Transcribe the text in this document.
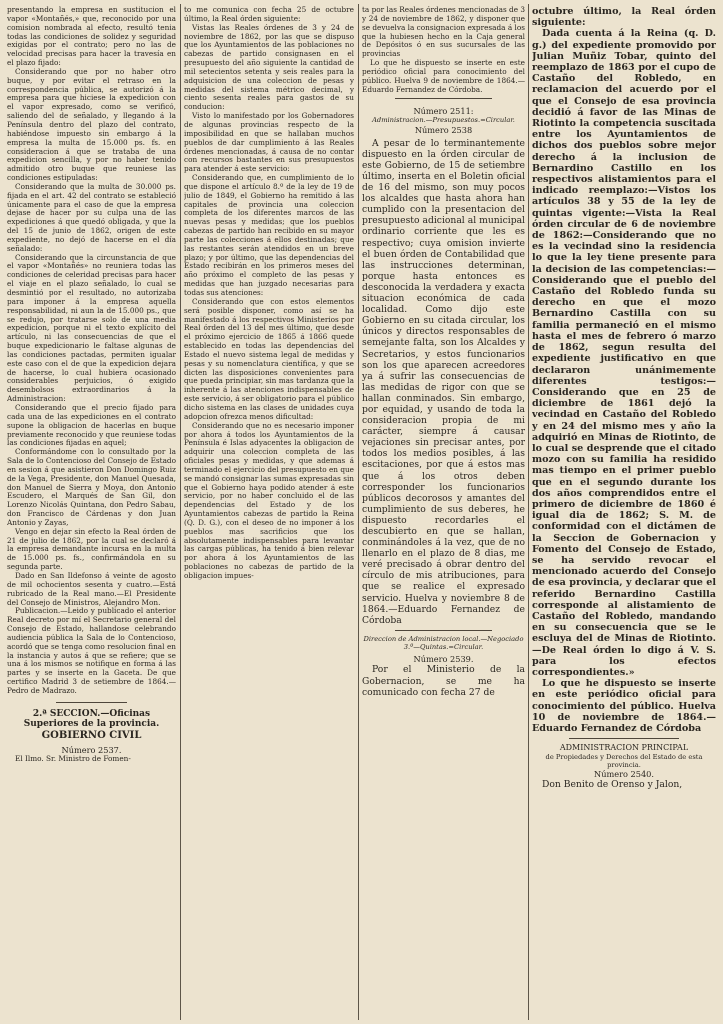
presentando la empresa en sustitucion el vapor «Montañés,» que, reconocido por una comision nombrada al efecto, resultó tenia todas las condiciones de solidez y seguridad exigidas por el contrato; pero no las de velocidad precisas para hacer la travesía en el plazo fijado:

Considerando que por no haber otro buque, y por evitar el retraso en la correspondencia pública, se autorizó á la empresa para que hiciese la expedicion con el vapor expresado, como se verificó, saliendo del de señalado, y llegando á la Península dentro del plazo del contrato, habiéndose impuesto sin embargo á la empresa la multa de 15.000 ps. fs. en consideracion á que se trataba de una expedicion sencilla, y por no haber tenido admitido otro buque que reuniese las condiciones estipuladas:

Considerando que la multa de 30.000 ps. fijada en el art. 42 del contrato se estableció únicamente para el caso de que la empresa dejase de hacer por su culpa una de las expediciones á que quedó obligada, y que la del 15 de junio de 1862, origen de este expediente, no dejó de hacerse en el día señalado:

Considerando que la circunstancia de que el vapor «Montañés» no reuniera todas las condiciones de celeridad precisas para hacer el viaje en el plazo señalado, lo cual se desmintió por el resultado, no autorizaba para imponer á la empresa aquella responsabilidad, ni aun la de 15.000 ps., que se redujo, por tratarse solo de una media expedicion, porque ni el texto explícito del artículo, ni las consecuencias de que el buque expedicionario le faltase algunas de las condiciones pactadas, permiten igualar este caso con el de que la expedicion dejara de hacerse, lo cual hubiera ocasionado considerables perjuicios, ó exigido desembolsos extraordinarios á la Administracion:

Considerando que el precio fijado para cada una de las expediciones en el contrato supone la obligacion de hacerlas en buque previamente reconocido y que reuniese todas las condiciones fijadas en aquel;

Conformándome con lo consultado por la Sala de lo Contencioso del Consejo de Estado en sesion á que asistieron Don Domingo Ruiz de la Vega, Presidente, don Manuel Quesada, don Manuel de Sierra y Moya, don Antonio Escudero, el Marqués de San Gil, don Lorenzo Nicolás Quintana, don Pedro Sabau, don Francisco de Cárdenas y don Juan Antonio y Zayas,

Vengo en dejar sin efecto la Real órden de 21 de julio de 1862, por la cual se declaró á la empresa demandante incursa en la multa de 15.000 ps. fs., confirmándola en su segunda parte.

Dado en San Ildefonso á veinte de agosto de mil ochocientos sesenta y cuatro.—Está rubricado de la Real mano.—El Presidente del Consejo de Ministros, Alejandro Mon.

Publicacion.—Leido y publicado el anterior Real decreto por mí el Secretario general del Consejo de Estado, hallandose celebrando audiencia pública la Sala de lo Contencioso, acordó que se tenga como resolucion final en la instancia y autos á que se refiere; que se una á los mismos se notifique en forma á las partes y se inserte en la Gaceta. De que certifico Madrid 3 de setiembre de 1864.—Pedro de Madrazo.

2.ª SECCION.—Oficinas Superiores de la provincia.

GOBIERNO CIVIL

Número 2537.

El Ilmo. Sr. Ministro de Fomen-

to me comunica con fecha 25 de octubre último, la Real órden siguiente:

Vistas las Reales órdenes de 3 y 24 de noviembre de 1862, por las que se dispuso que los Ayuntamientos de las poblaciones no cabezas de partido consignasen en el presupuesto del año siguiente la cantidad de mil setecientos setenta y seis reales para la adquisicion de una coleccion de pesas y medidas del sistema métrico decimal, y ciento sesenta reales para gastos de su conducion:

Visto lo manifestado por los Gobernadores de algunas provincias respecto de la imposibilidad en que se hallaban muchos pueblos de dar cumplimiento á las Reales órdenes mencionadas, á causa de no contar con recursos bastantes en sus presupuestos para atender á este servicio:

Considerando que, en cumplimiento de lo que dispone el artículo 8.º de la ley de 19 de julio de 1849, el Gobierno ha remitido á las capitales de provincia una coleccion completa de los diferentes marcos de las nuevas pesas y medidas; que los pueblos cabezas de partido han recibido en su mayor parte las colecciones á ellos destinadas; que las restantes serán atendidos en un breve plazo; y por último, que las dependencias del Estado recibirán en los primeros meses del año próximo el completo de las pesas y medidas que han juzgado necesarias para todas sus atenciones:

Considerando que con estos elementos será posible disponer, como así se ha manifestado á los respectivos Ministerios por Real órden del 13 del mes último, que desde el próximo ejercicio de 1865 á 1866 quede establecido en todas las dependencias del Estado el nuevo sistema legal de medidas y pesas y su nomenclatura científica, y que se dicten las disposiciones convenientes para que pueda principiar, sin mas tardanza que la inherente á las atenciones indispensables de este servicio, á ser obligatorio para el público dicho sistema en las clases de unidades cuya adopcion ofrezca menos dificultad:

Considerando que no es necesario imponer por ahora á todos los Ayuntamientos de la Península é Islas adyacentes la obligacion de adquirir una coleccion completa de las oficiales pesas y medidas, y que ademas á terminado el ejercicio del presupuesto en que se mandó consignar las sumas expresadas sin que el Gobierno haya podido atender á este servicio, por no haber concluido el de las dependencias del Estado y de los Ayuntamientos cabezas de partido la Reina (Q. D. G.), con el deseo de no imponer á los pueblos mas sacrificios que los absolutamente indispensables para levantar las cargas públicas, ha tenido á bien relevar por ahora á los Ayuntamientos de las poblaciones no cabezas de partido de la obligacion impues-

ta por las Reales órdenes mencionadas de 3 y 24 de noviembre de 1862, y disponer que se devuelva la consignacion expresada á los que la hubiesen hecho en la Caja general de Depósitos ó en sus sucursales de las provincias

Lo que he dispuesto se inserte en este periódico oficial para conocimiento del público. Huelva 9 de noviembre de 1864.—Eduardo Fernandez de Córdoba.

Número 2511:

Administracion.—Presupuestos.=Circular.

Número 2538

A pesar de lo terminantemente dispuesto en la órden circular de este Gobierno, de 15 de setiembre último, inserta en el Boletin oficial de 16 del mismo, son muy pocos los alcaldes que hasta ahora han cumplido con la presentacion del presupuesto adicional al municipal ordinario corriente que les es respectivo; cuya omision invierte el buen órden de Contabilidad que las instrucciones determinan, porque hasta entonces es desconocida la verdadera y exacta situacion económica de cada localidad. Como dijo este Gobierno en su citada circular, los únicos y directos responsables de semejante falta, son los Alcaldes y Secretarios, y estos funcionarios son los que aparecen acreedores ya á sufrir las consecuencias de las medidas de rigor con que se hallan conminados. Sin embargo, por equidad, y usando de toda la consideracion propia de mi carácter, siempre á causar vejaciones sin precisar antes, por todos los medios posibles, á las escitaciones, por que á estos mas que á los otros deben corresponder los funcionarios públicos decorosos y amantes del cumplimiento de sus deberes, he dispuesto recordarles el descubierto en que se hallan, conminándoles á la vez, que de no llenarlo en el plazo de 8 dias, me veré precisado á obrar dentro del círculo de mis atribuciones, para que se realice el expresado servicio. Huelva y noviembre 8 de 1864.—Eduardo Fernandez de Córdoba

Direccion de Administracion local.—Negociado 3.º—Quintas.=Circular.

Número 2539.

Por el Ministerio de la Gobernacion, se me ha comunicado con fecha 27 de

octubre último, la Real órden siguiente:

Dada cuenta á la Reina (q. D. g.) del expediente promovido por Julian Muñiz Tobar, quinto del reemplazo de 1863 por el cupo de Castaño del Robledo, en reclamacion del acuerdo por el que el Consejo de esa provincia decidió á favor de las Minas de Riotinto la competencia suscitada entre los Ayuntamientos de dichos dos pueblos sobre mejor derecho á la inclusion de Bernardino Castillo en los respectivos alistamientos para el indicado reemplazo:—Vistos los artículos 38 y 55 de la ley de quintas vigente:—Vista la Real órden circular de 6 de noviembre de 1862:—Considerando que no es la vecindad sino la residencia lo que la ley tiene presente para la decision de las competencias:—Considerando que el pueblo del Castaño del Robledo funda su derecho en que el mozo Bernardino Castilla con su familia permaneció en el mismo hasta el mes de febrero ó marzo de 1862, segun resulta del expediente justificativo en que declararon unánimemente diferentes testigos:—Considerando que en 25 de diciembre de 1861 dejó la vecindad en Castaño del Robledo y en 24 del mismo mes y año la adquirió en Minas de Riotinto, de lo cual se desprende que el citado mozo con su familia ha residido mas tiempo en el primer pueblo que en el segundo durante los dos años comprendidos entre el primero de diciembre de 1860 é igual dia de 1862; S. M. de conformidad con el dictámen de la Seccion de Gobernacion y Fomento del Consejo de Estado, se ha servido revocar el mencionado acuerdo del Consejo de esa provincia, y declarar que el referido Bernardino Castilla corresponde al alistamiento de Castaño del Robledo, mandando en su consecuencia que se le escluya del de Minas de Riotinto.—De Real órden lo digo á V. S. para los efectos correspondientes.»

Lo que he dispuesto se inserte en este periódico oficial para conocimiento del público. Huelva 10 de noviembre de 1864.—Eduardo Fernandez de Córdoba

ADMINISTRACION PRINCIPAL

de Propiedades y Derechos del Estado de esta provincia.

Número 2540.

Don Benito de Orenso y Jalon,
